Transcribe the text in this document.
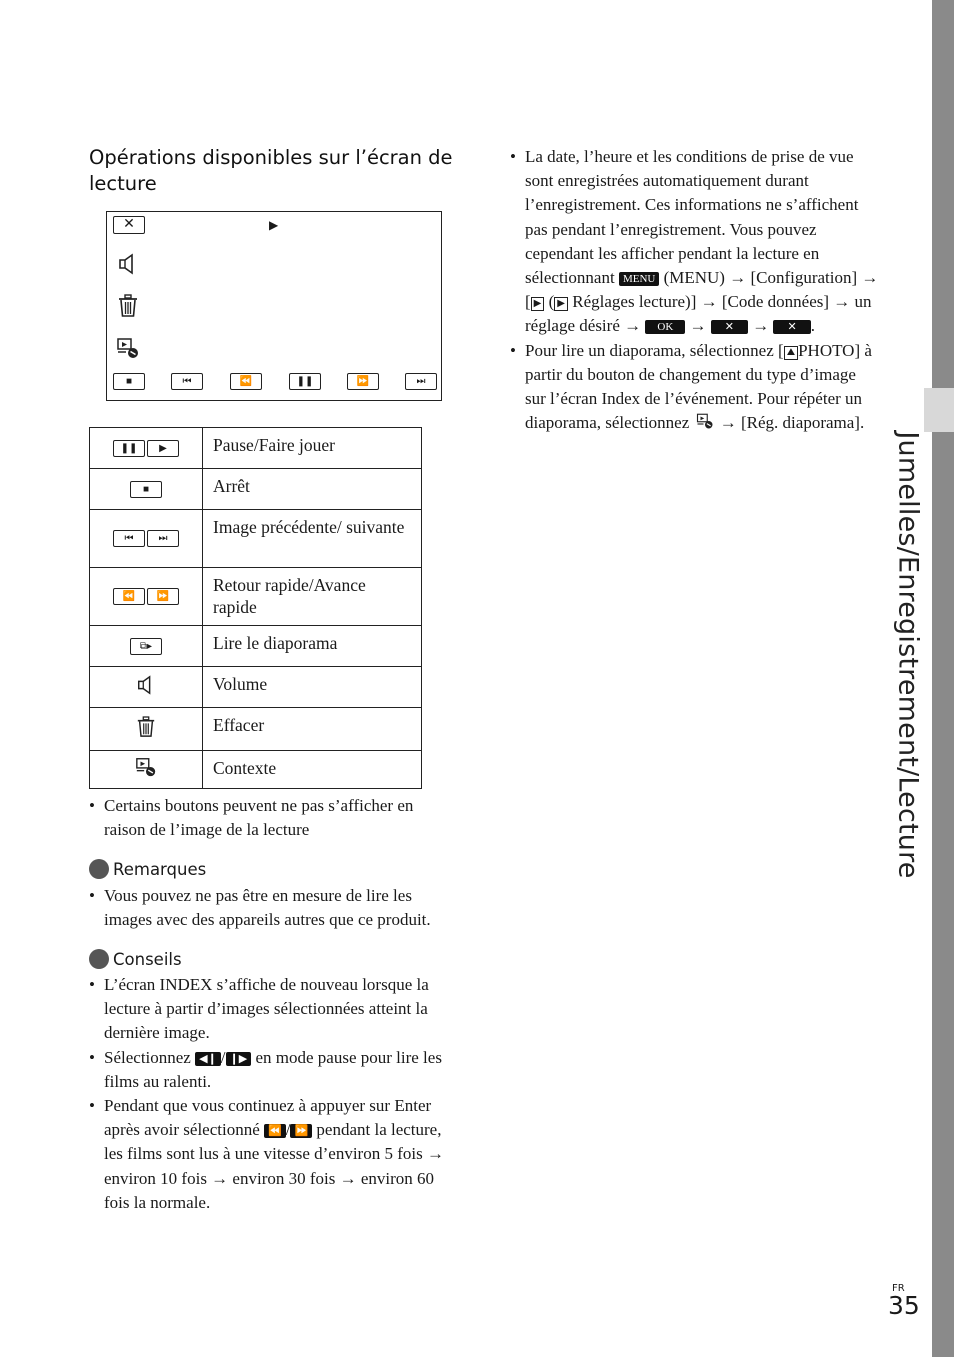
Jumelles/Enregistrement/Lecture
Opérations disponibles sur l’écran de lecture
✕	▶
■	⏮	⏪	❚❚	⏩	⏭
❚❚ ▶	Pause/Faire jouer
■	Arrêt
⏮ ⏭	Image précédente/ suivante
⏪ ⏩	Retour rapide/Avance rapide
⧉▸	Lire le diaporama
	Volume
	Effacer
	Contexte
• Certains boutons peuvent ne pas s’afficher en raison de l’image de la lecture
Remarques
• Vous pouvez ne pas être en mesure de lire les images avec des appareils autres que ce produit.
Conseils
• L’écran INDEX s’affiche de nouveau lorsque la lecture à partir d’images sélectionnées atteint la dernière image.
• Sélectionnez ◀❙ / ❙▶ en mode pause pour lire les films au ralenti.
• Pendant que vous continuez à appuyer sur Enter après avoir sélectionné ⏪ / ⏩ pendant la lecture, les films sont lus à une vitesse d’environ 5 fois → environ 10 fois → environ 30 fois → environ 60 fois la normale.
• La date, l’heure et les conditions de prise de vue sont enregistrées automatiquement durant l’enregistrement. Ces informations ne s’affichent pas pendant l’enregistrement. Vous pouvez cependant les afficher pendant la lecture en sélectionnant MENU (MENU) → [Configuration] → [ ▶ ( ▶ Réglages lecture)] → [Code données] → un réglage désiré → OK → ✕ → ✕ .
• Pour lire un diaporama, sélectionnez [ ⛰ PHOTO] à partir du bouton de changement du type d’image sur l’écran Index de l’événement. Pour répéter un diaporama, sélectionnez → [Rég. diaporama].
FR
35
